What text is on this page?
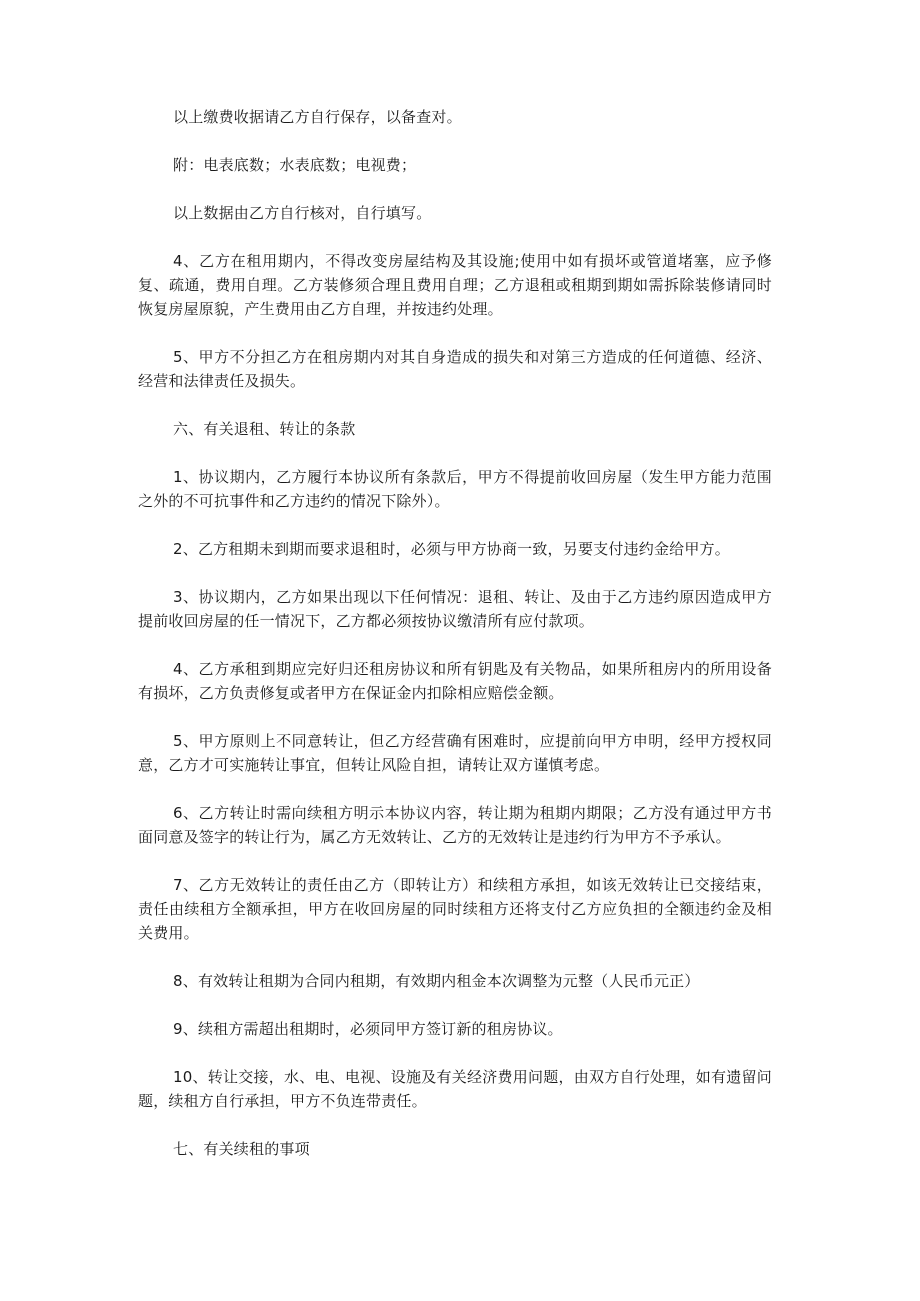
以上缴费收据请乙方自行保存，以备查对。

附：电表底数；水表底数；电视费；

以上数据由乙方自行核对，自行填写。

4、乙方在租用期内，不得改变房屋结构及其设施;使用中如有损坏或管道堵塞，应予修复、疏通，费用自理。乙方装修须合理且费用自理；乙方退租或租期到期如需拆除装修请同时恢复房屋原貌，产生费用由乙方自理，并按违约处理。

5、甲方不分担乙方在租房期内对其自身造成的损失和对第三方造成的任何道德、经济、经营和法律责任及损失。

六、有关退租、转让的条款

1、协议期内，乙方履行本协议所有条款后，甲方不得提前收回房屋（发生甲方能力范围之外的不可抗事件和乙方违约的情况下除外）。

2、乙方租期未到期而要求退租时，必须与甲方协商一致，另要支付违约金给甲方。

3、协议期内，乙方如果出现以下任何情况：退租、转让、及由于乙方违约原因造成甲方提前收回房屋的任一情况下，乙方都必须按协议缴清所有应付款项。

4、乙方承租到期应完好归还租房协议和所有钥匙及有关物品，如果所租房内的所用设备有损坏，乙方负责修复或者甲方在保证金内扣除相应赔偿金额。

5、甲方原则上不同意转让，但乙方经营确有困难时，应提前向甲方申明，经甲方授权同意，乙方才可实施转让事宜，但转让风险自担，请转让双方谨慎考虑。

6、乙方转让时需向续租方明示本协议内容，转让期为租期内期限；乙方没有通过甲方书面同意及签字的转让行为，属乙方无效转让、乙方的无效转让是违约行为甲方不予承认。

7、乙方无效转让的责任由乙方（即转让方）和续租方承担，如该无效转让已交接结束，责任由续租方全额承担，甲方在收回房屋的同时续租方还将支付乙方应负担的全额违约金及相关费用。

8、有效转让租期为合同内租期，有效期内租金本次调整为元整（人民币元正）

9、续租方需超出租期时，必须同甲方签订新的租房协议。

10、转让交接，水、电、电视、设施及有关经济费用问题，由双方自行处理，如有遗留问题，续租方自行承担，甲方不负连带责任。

七、有关续租的事项
